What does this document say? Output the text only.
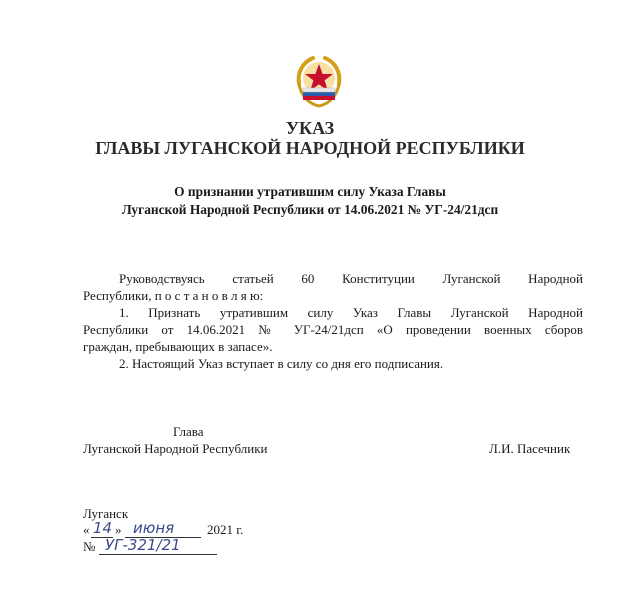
УКАЗ
ГЛАВЫ ЛУГАНСКОЙ НАРОДНОЙ РЕСПУБЛИКИ
О признании утратившим силу Указа Главы
Луганской Народной Республики от 14.06.2021 № УГ-24/21дсп
Руководствуясь статьей 60 Конституции Луганской Народной
Республики, п о с т а н о в л я ю:
1. Признать утратившим силу Указ Главы Луганской Народной
Республики от 14.06.2021 № УГ-24/21дсп «О проведении военных сборов
граждан, пребывающих в запасе».
2. Настоящий Указ вступает в силу со дня его подписания.
Глава
Луганской Народной Республики	Л.И. Пасечник
Луганск
« 14 » июня	2021 г.
№ УГ-321/21
